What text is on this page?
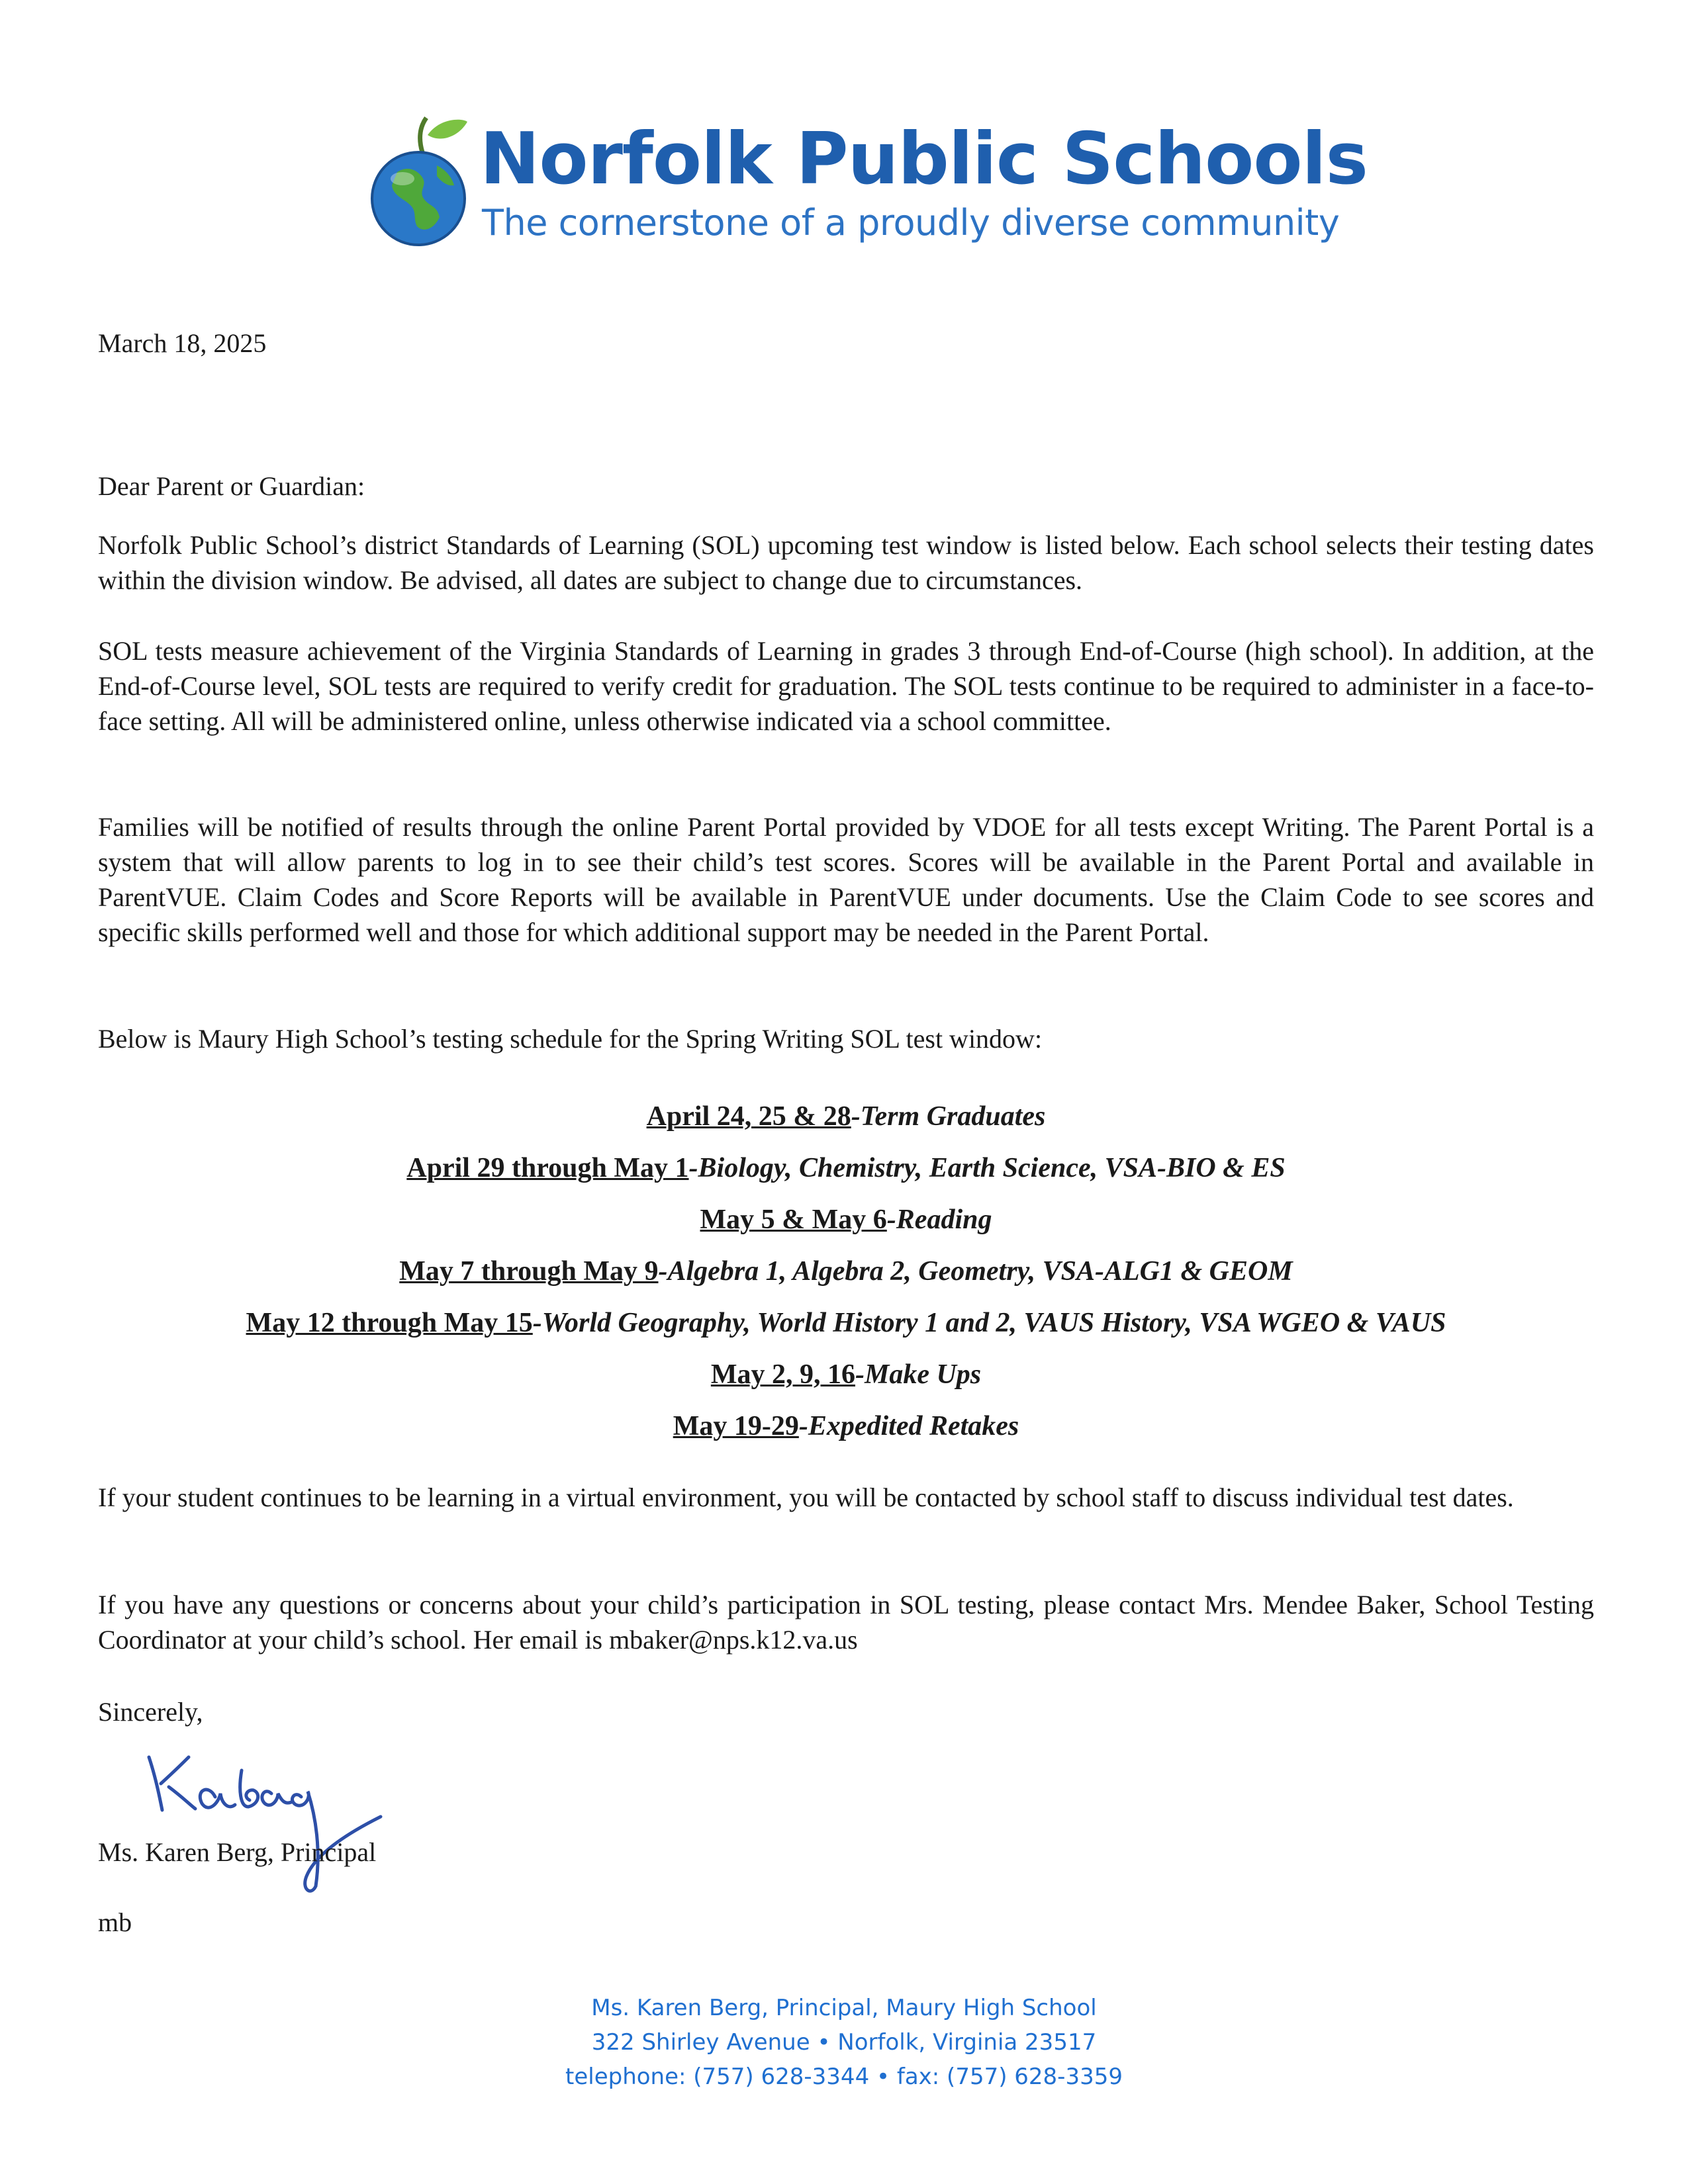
Norfolk Public Schools
The cornerstone of a proudly diverse community

March 18, 2025

Dear Parent or Guardian:

Norfolk Public School’s district Standards of Learning (SOL) upcoming test window is listed below. Each school selects their testing dates within the division window. Be advised, all dates are subject to change due to circumstances.

SOL tests measure achievement of the Virginia Standards of Learning in grades 3 through End-of-Course (high school). In addition, at the End-of-Course level, SOL tests are required to verify credit for graduation. The SOL tests continue to be required to administer in a face-to-face setting. All will be administered online, unless otherwise indicated via a school committee.

Families will be notified of results through the online Parent Portal provided by VDOE for all tests except Writing. The Parent Portal is a system that will allow parents to log in to see their child’s test scores. Scores will be available in the Parent Portal and available in ParentVUE. Claim Codes and Score Reports will be available in ParentVUE under documents. Use the Claim Code to see scores and specific skills performed well and those for which additional support may be needed in the Parent Portal.

Below is Maury High School’s testing schedule for the Spring Writing SOL test window:

April 24, 25 & 28-Term Graduates
April 29 through May 1-Biology, Chemistry, Earth Science, VSA-BIO & ES
May 5 & May 6-Reading
May 7 through May 9-Algebra 1, Algebra 2, Geometry, VSA-ALG1 & GEOM
May 12 through May 15-World Geography, World History 1 and 2, VAUS History, VSA WGEO & VAUS
May 2, 9, 16-Make Ups
May 19-29-Expedited Retakes

If your student continues to be learning in a virtual environment, you will be contacted by school staff to discuss individual test dates.

If you have any questions or concerns about your child’s participation in SOL testing, please contact Mrs. Mendee Baker, School Testing Coordinator at your child’s school. Her email is mbaker@nps.k12.va.us

Sincerely,

Ms. Karen Berg, Principal

mb

Ms. Karen Berg, Principal, Maury High School
322 Shirley Avenue • Norfolk, Virginia 23517
telephone: (757) 628-3344 • fax: (757) 628-3359
